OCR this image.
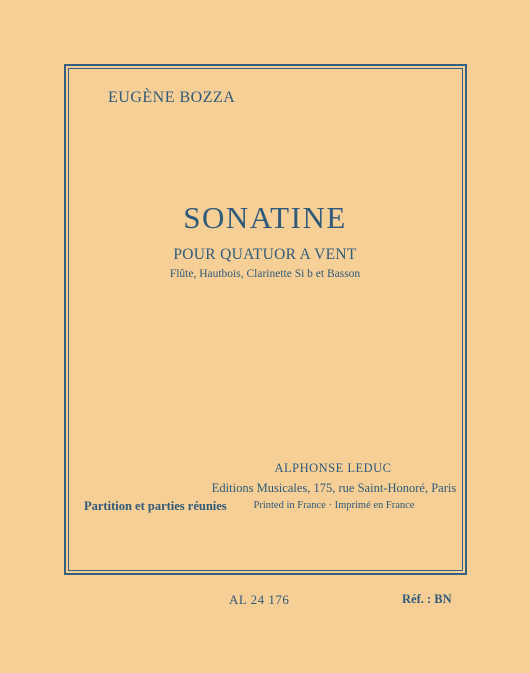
EUGÈNE BOZZA
SONATINE
POUR QUATUOR A VENT
Flûte, Hautbois, Clarinette Si b et Basson
ALPHONSE LEDUC
Editions Musicales, 175, rue Saint-Honoré, Paris
Printed in France · Imprimé en France
Partition et parties réunies
AL 24 176	Réf. : BN
